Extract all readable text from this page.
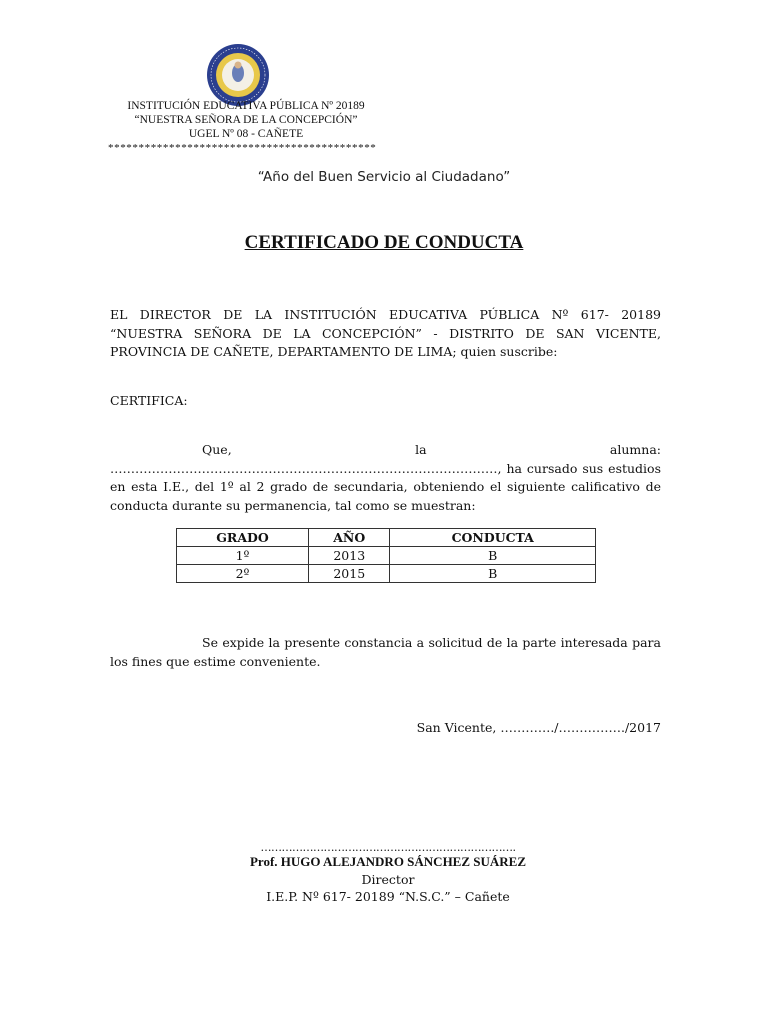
INSTITUCIÓN EDUCATIVA PÚBLICA Nº 20189
“NUESTRA SEÑORA DE LA CONCEPCIÓN”
UGEL Nº 08 - CAÑETE
********************************************
“Año del Buen Servicio al Ciudadano”
CERTIFICADO DE CONDUCTA
EL DIRECTOR DE LA INSTITUCIÓN EDUCATIVA PÚBLICA Nº 617- 20189 “NUESTRA SEÑORA DE LA CONCEPCIÓN” - DISTRITO DE SAN VICENTE, PROVINCIA DE CAÑETE, DEPARTAMENTO DE LIMA; quien suscribe:
CERTIFICA:
Que, la alumna: …………………………………………………………………………………, ha cursado sus estudios en esta I.E., del 1º al 2 grado de secundaria, obteniendo el siguiente calificativo de conducta durante su permanencia, tal como se muestran:
GRADO	AÑO	CONDUCTA
1º	2013	B
2º	2015	B
Se expide la presente constancia a solicitud de la parte interesada para los fines que estime conveniente.
San Vicente, …………./……………./2017
……………………………………………………………….
Prof. HUGO ALEJANDRO SÁNCHEZ SUÁREZ
Director
I.E.P. Nº 617- 20189 “N.S.C.” – Cañete
